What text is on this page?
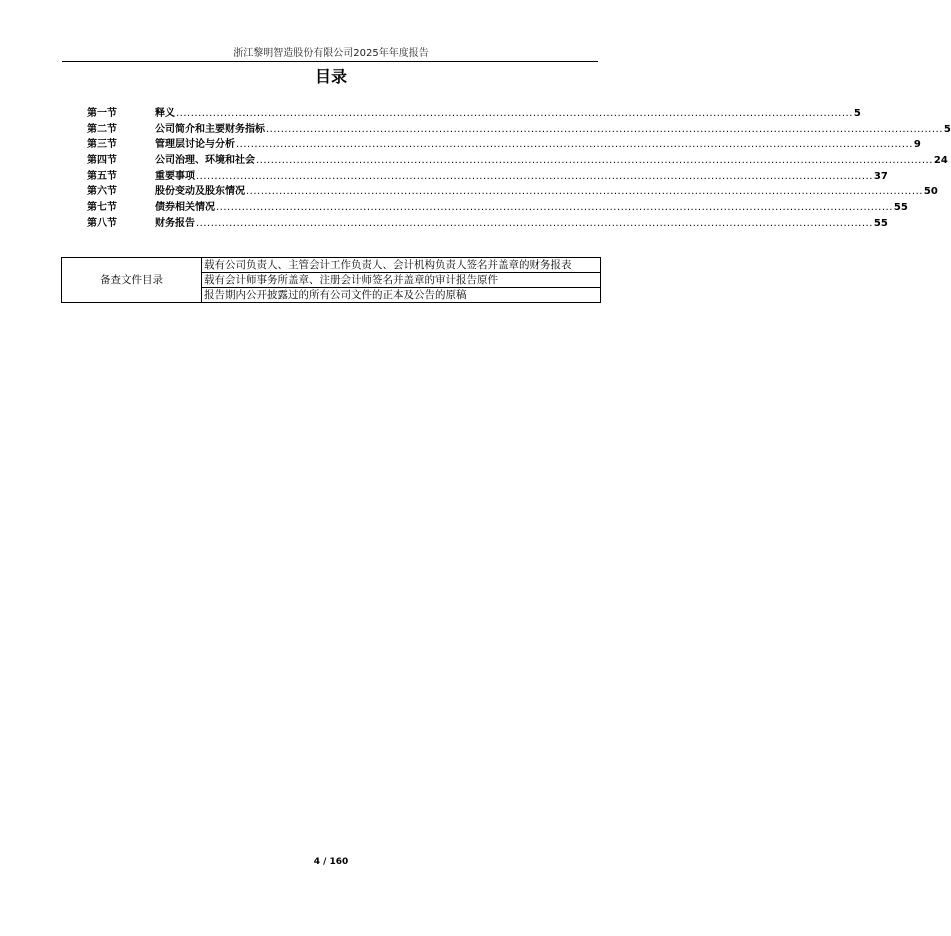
浙江黎明智造股份有限公司2025年年度报告
目录
第一节	释义 ........................................................................................................................................................................................ 5
第二节	公司简介和主要财务指标 ........................................................................................................................................................................................ 5
第三节	管理层讨论与分析 ........................................................................................................................................................................................ 9
第四节	公司治理、环境和社会 ........................................................................................................................................................................................ 24
第五节	重要事项 ........................................................................................................................................................................................ 37
第六节	股份变动及股东情况 ........................................................................................................................................................................................ 50
第七节	债券相关情况 ........................................................................................................................................................................................ 55
第八节	财务报告 ........................................................................................................................................................................................ 55
备查文件目录	载有公司负责人、主管会计工作负责人、会计机构负责人签名并盖章的财务报表
载有会计师事务所盖章、注册会计师签名并盖章的审计报告原件
报告期内公开披露过的所有公司文件的正本及公告的原稿
4 / 160
